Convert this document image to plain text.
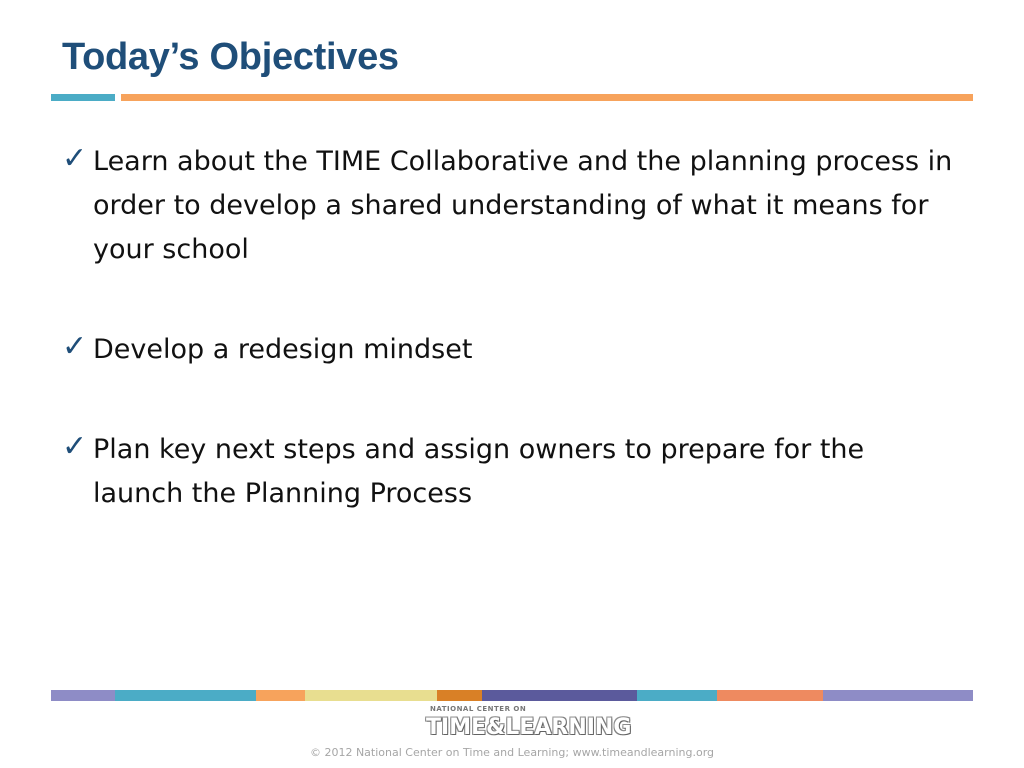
Today’s Objectives
✓ Learn about the TIME Collaborative and the planning process in order to develop a shared understanding of what it means for your school
✓ Develop a redesign mindset
✓ Plan key next steps and assign owners to prepare for the launch the Planning Process
NATIONAL CENTER ON
TIME&LEARNING
© 2012 National Center on Time and Learning; www.timeandlearning.org
